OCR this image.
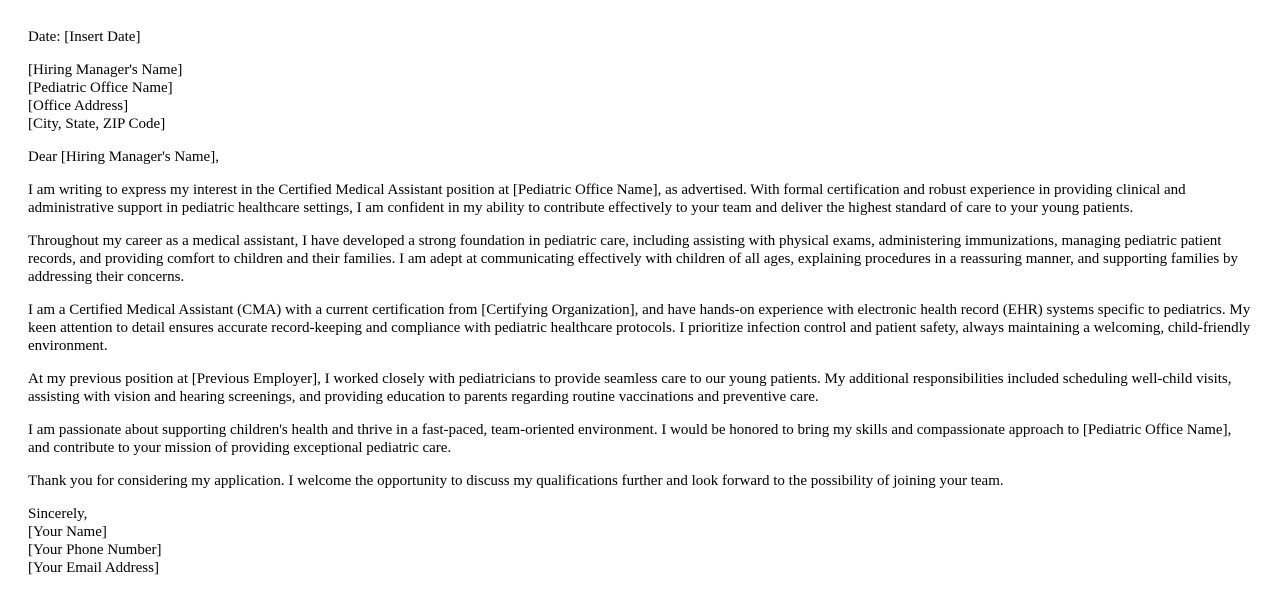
Date: [Insert Date]
[Hiring Manager's Name]
[Pediatric Office Name]
[Office Address]
[City, State, ZIP Code]
Dear [Hiring Manager's Name],

I am writing to express my interest in the Certified Medical Assistant position at [Pediatric Office Name], as advertised. With formal certification and robust experience in providing clinical and administrative support in pediatric healthcare settings, I am confident in my ability to contribute effectively to your team and deliver the highest standard of care to your young patients.

Throughout my career as a medical assistant, I have developed a strong foundation in pediatric care, including assisting with physical exams, administering immunizations, managing pediatric patient records, and providing comfort to children and their families. I am adept at communicating effectively with children of all ages, explaining procedures in a reassuring manner, and supporting families by addressing their concerns.

I am a Certified Medical Assistant (CMA) with a current certification from [Certifying Organization], and have hands-on experience with electronic health record (EHR) systems specific to pediatrics. My keen attention to detail ensures accurate record-keeping and compliance with pediatric healthcare protocols. I prioritize infection control and patient safety, always maintaining a welcoming, child-friendly environment.

At my previous position at [Previous Employer], I worked closely with pediatricians to provide seamless care to our young patients. My additional responsibilities included scheduling well-child visits, assisting with vision and hearing screenings, and providing education to parents regarding routine vaccinations and preventive care.

I am passionate about supporting children's health and thrive in a fast-paced, team-oriented environment. I would be honored to bring my skills and compassionate approach to [Pediatric Office Name], and contribute to your mission of providing exceptional pediatric care.

Thank you for considering my application. I welcome the opportunity to discuss my qualifications further and look forward to the possibility of joining your team.

Sincerely,
[Your Name]
[Your Phone Number]
[Your Email Address]
